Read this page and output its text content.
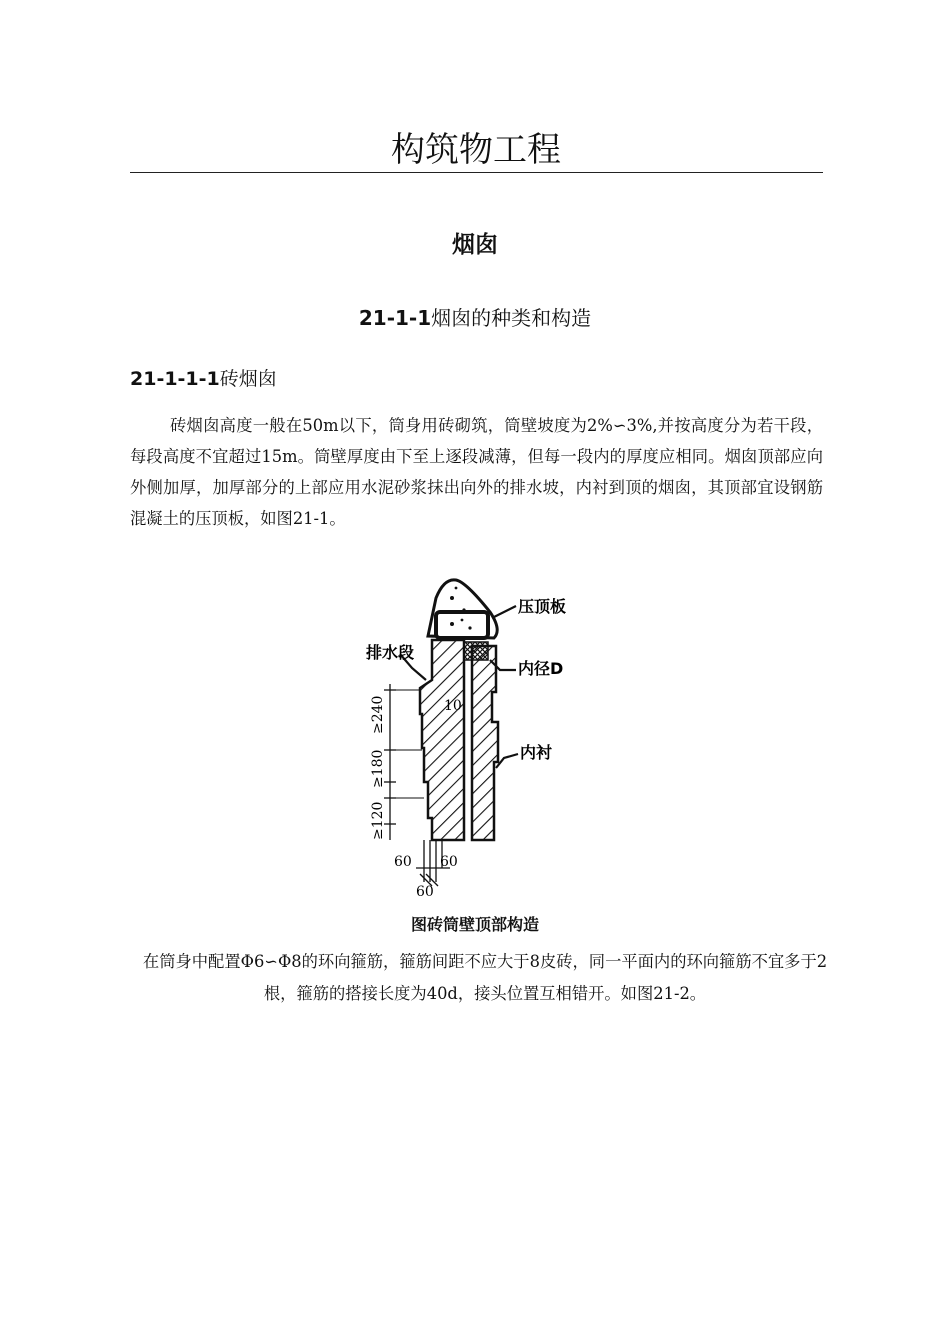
构筑物工程
烟囱
21-1-1烟囱的种类和构造
21-1-1-1砖烟囱

砖烟囱高度一般在50m以下，筒身用砖砌筑，筒壁坡度为2%∽3%,并按高度分为若干段，每段高度不宜超过15m。筒壁厚度由下至上逐段减薄，但每一段内的厚度应相同。烟囱顶部应向外侧加厚，加厚部分的上部应用水泥砂浆抹出向外的排水坡，内衬到顶的烟囱，其顶部宜设钢筋混凝土的压顶板，如图21-1。

≥240
≥180
≥120
10
60 60
60
压顶板
排水段
内径D
内衬
图砖筒壁顶部构造

在筒身中配置Φ6∽Φ8的环向箍筋，箍筋间距不应大于8皮砖，同一平面内的环向箍筋不宜多于2根，箍筋的搭接长度为40d，接头位置互相错开。如图21-2。
